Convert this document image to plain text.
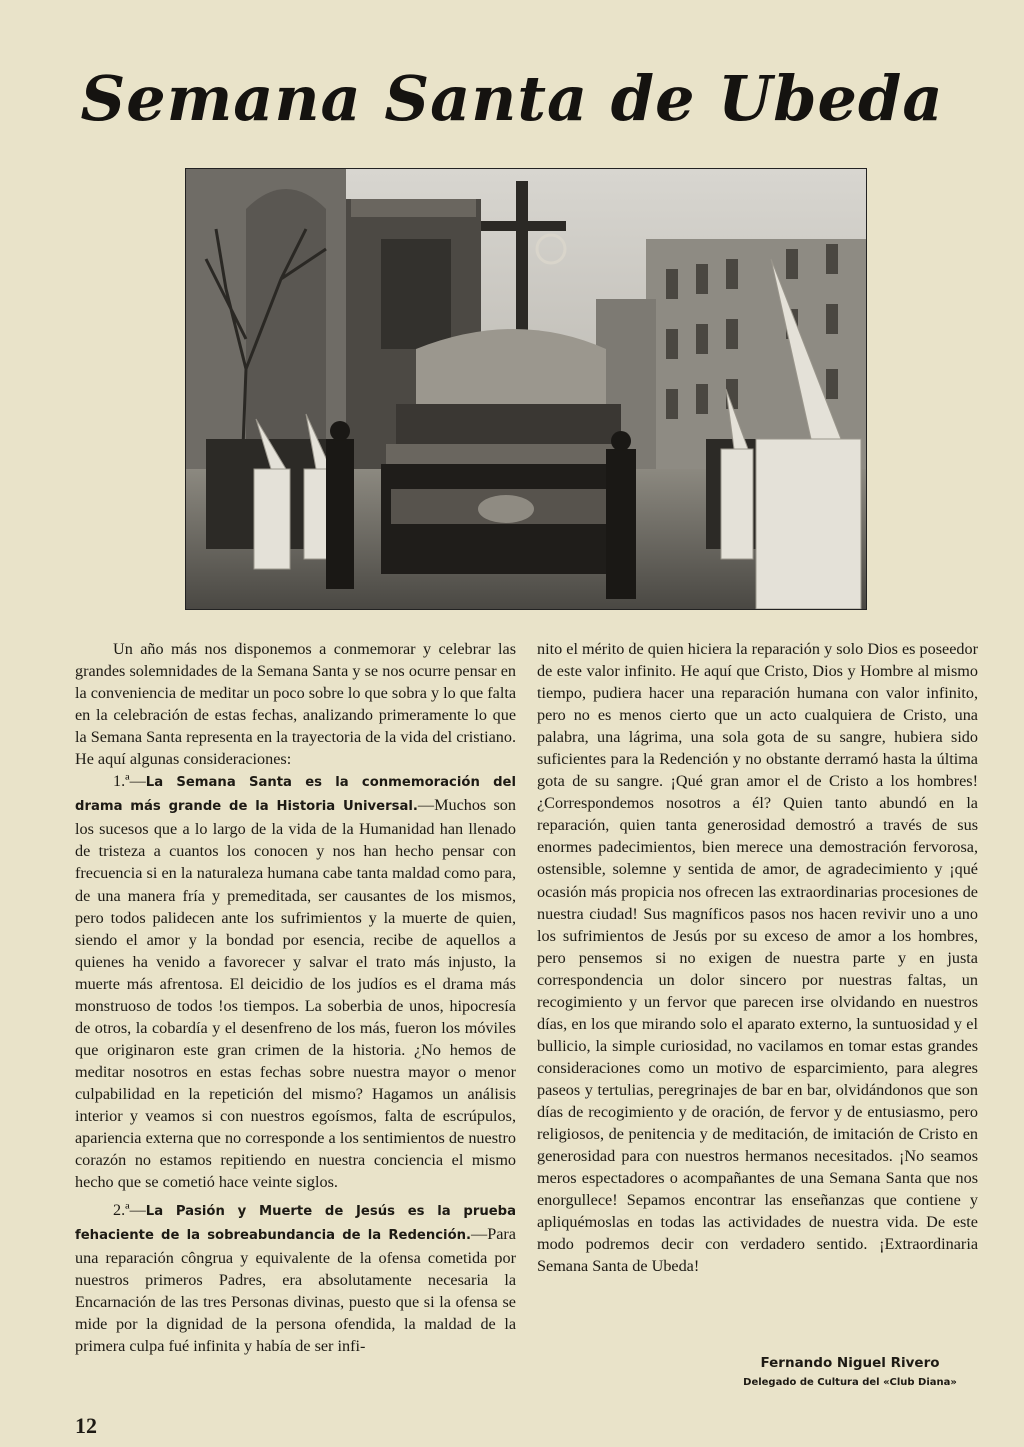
Semana Santa de Ubeda

Un año más nos disponemos a conmemorar y celebrar las grandes solemnidades de la Semana Santa y se nos ocurre pensar en la conveniencia de meditar un poco sobre lo que sobra y lo que falta en la celebración de estas fechas, analizando primeramente lo que la Semana Santa representa en la trayectoria de la vida del cristiano. He aquí algunas consideraciones:

1.ª—La Semana Santa es la conmemoración del drama más grande de la Historia Universal.—Muchos son los sucesos que a lo largo de la vida de la Humanidad han llenado de tristeza a cuantos los conocen y nos han hecho pensar con frecuencia si en la naturaleza humana cabe tanta maldad como para, de una manera fría y premeditada, ser causantes de los mismos, pero todos palidecen ante los sufrimientos y la muerte de quien, siendo el amor y la bondad por esencia, recibe de aquellos a quienes ha venido a favorecer y salvar el trato más injusto, la muerte más afrentosa. El deicidio de los judíos es el drama más monstruoso de todos !os tiempos. La soberbia de unos, hipocresía de otros, la cobardía y el desenfreno de los más, fueron los móviles que originaron este gran crimen de la historia. ¿No hemos de meditar nosotros en estas fechas sobre nuestra mayor o menor culpabilidad en la repetición del mismo? Hagamos un análisis interior y veamos si con nuestros egoísmos, falta de escrúpulos, apariencia externa que no corresponde a los sentimientos de nuestro corazón no estamos repitiendo en nuestra conciencia el mismo hecho que se cometió hace veinte siglos.

2.ª—La Pasión y Muerte de Jesús es la prueba fehaciente de la sobreabundancia de la Redención.—Para una reparación côngrua y equivalente de la ofensa cometida por nuestros primeros Padres, era absolutamente necesaria la Encarnación de las tres Personas divinas, puesto que si la ofensa se mide por la dignidad de la persona ofendida, la maldad de la primera culpa fué infinita y había de ser infi-

nito el mérito de quien hiciera la reparación y solo Dios es poseedor de este valor infinito. He aquí que Cristo, Dios y Hombre al mismo tiempo, pudiera hacer una reparación humana con valor infinito, pero no es menos cierto que un acto cualquiera de Cristo, una palabra, una lágrima, una sola gota de su sangre, hubiera sido suficientes para la Redención y no obstante derramó hasta la última gota de su sangre. ¡Qué gran amor el de Cristo a los hombres! ¿Correspondemos nosotros a él? Quien tanto abundó en la reparación, quien tanta generosidad demostró a través de sus enormes padecimientos, bien merece una demostración fervorosa, ostensible, solemne y sentida de amor, de agradecimiento y ¡qué ocasión más propicia nos ofrecen las extraordinarias procesiones de nuestra ciudad! Sus magníficos pasos nos hacen revivir uno a uno los sufrimientos de Jesús por su exceso de amor a los hombres, pero pensemos si no exigen de nuestra parte y en justa correspondencia un dolor sincero por nuestras faltas, un recogimiento y un fervor que parecen irse olvidando en nuestros días, en los que mirando solo el aparato externo, la suntuosidad y el bullicio, la simple curiosidad, no vacilamos en tomar estas grandes consideraciones como un motivo de esparcimiento, para alegres paseos y tertulias, peregrinajes de bar en bar, olvidándonos que son días de recogimiento y de oración, de fervor y de entusiasmo, pero religiosos, de penitencia y de meditación, de imitación de Cristo en generosidad para con nuestros hermanos necesitados. ¡No seamos meros espectadores o acompañantes de una Semana Santa que nos enorgullece! Sepamos encontrar las enseñanzas que contiene y apliquémoslas en todas las actividades de nuestra vida. De este modo podremos decir con verdadero sentido. ¡Extraordinaria Semana Santa de Ubeda!

Fernando Niguel Rivero
Delegado de Cultura del «Club Diana»
12
